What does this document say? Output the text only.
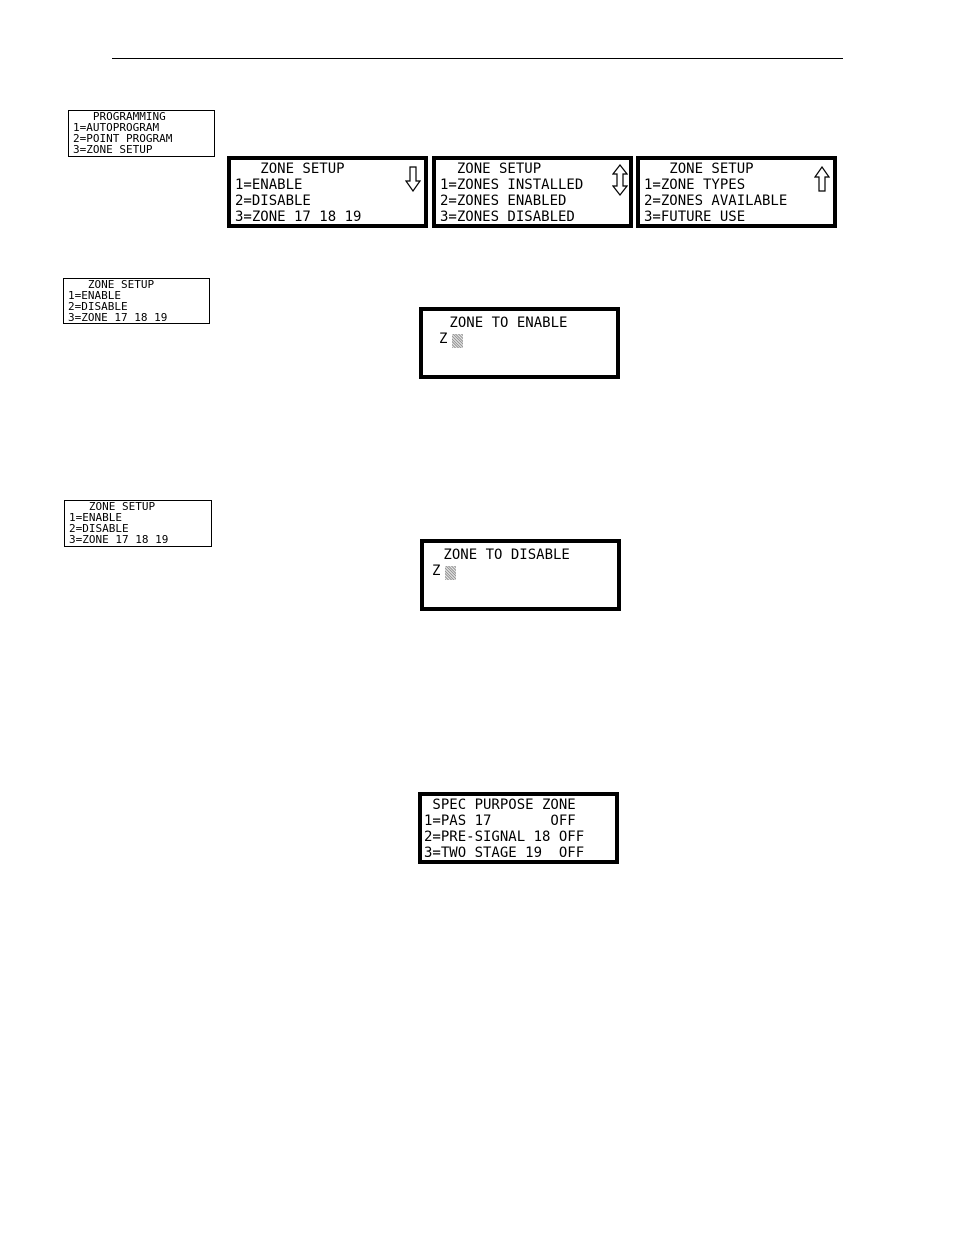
PROGRAMMING
1=AUTOPROGRAM
2=POINT PROGRAM
3=ZONE SETUP
ZONE SETUP
1=ENABLE
2=DISABLE
3=ZONE 17 18 19
ZONE SETUP
1=ZONES INSTALLED
2=ZONES ENABLED
3=ZONES DISABLED
ZONE SETUP
1=ZONE TYPES
2=ZONES AVAILABLE
3=FUTURE USE
ZONE SETUP
1=ENABLE
2=DISABLE
3=ZONE 17 18 19	ZONE TO ENABLE
Z
ZONE SETUP
1=ENABLE
2=DISABLE
3=ZONE 17 18 19
ZONE TO DISABLE
Z
SPEC PURPOSE ZONE
1=PAS 17       OFF
2=PRE-SIGNAL 18 OFF
3=TWO STAGE 19  OFF
